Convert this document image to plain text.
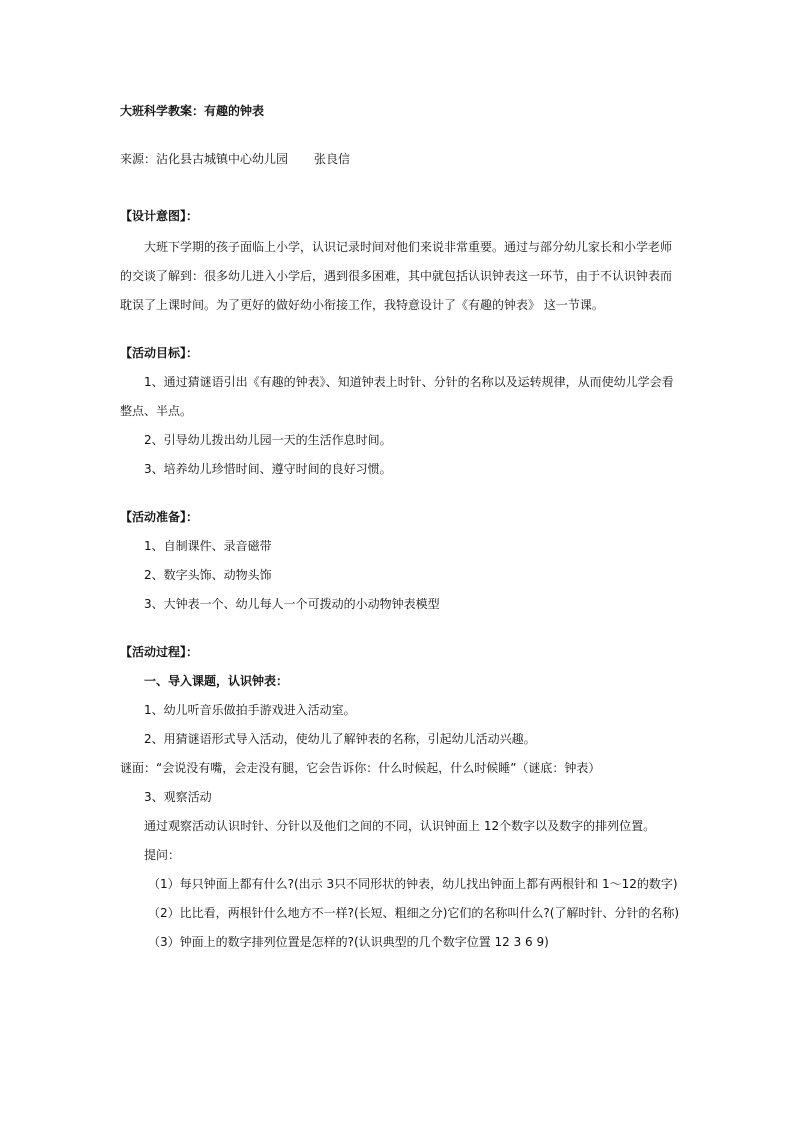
大班科学教案：有趣的钟表
来源：沾化县古城镇中心幼儿园 张良信
【设计意图】：
大班下学期的孩子面临上小学，认识记录时间对他们来说非常重要。通过与部分幼儿家长和小学老师
的交谈了解到：很多幼儿进入小学后，遇到很多困难，其中就包括认识钟表这一环节，由于不认识钟表而
耽误了上课时间。为了更好的做好幼小衔接工作，我特意设计了《有趣的钟表》 这一节课。
【活动目标】：
1、通过猜谜语引出《有趣的钟表》、知道钟表上时针、分针的名称以及运转规律，从而使幼儿学会看
整点、半点。
2、引导幼儿拨出幼儿园一天的生活作息时间。
3、培养幼儿珍惜时间、遵守时间的良好习惯。
【活动准备】：
1、自制课件、录音磁带
2、数字头饰、动物头饰
3、大钟表一个、幼儿每人一个可拨动的小动物钟表模型
【活动过程】：
一、导入课题，认识钟表：
1、幼儿听音乐做拍手游戏进入活动室。
2、用猜谜语形式导入活动，使幼儿了解钟表的名称，引起幼儿活动兴趣。
谜面：“会说没有嘴，会走没有腿，它会告诉你：什么时候起，什么时候睡”（谜底：钟表）
3、观察活动
通过观察活动认识时针、分针以及他们之间的不同，认识钟面上 12个数字以及数字的排列位置。
提问：
（1）每只钟面上都有什么?(出示 3只不同形状的钟表，幼儿找出钟面上都有两根针和 1～12的数字)
（2）比比看，两根针什么地方不一样?(长短、粗细之分)它们的名称叫什么?(了解时针、分针的名称)
（3）钟面上的数字排列位置是怎样的?(认识典型的几个数字位置 12 3 6 9)
